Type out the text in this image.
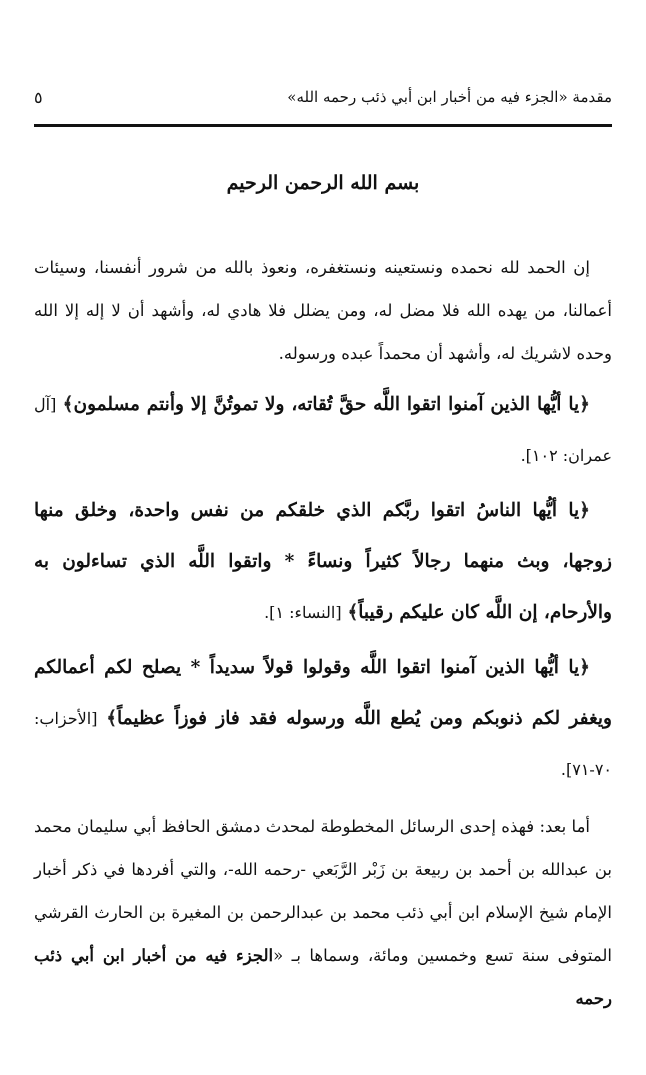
مقدمة «الجزء فيه من أخبار ابن أبي ذئب رحمه الله»
٥
بسم الله الرحمن الرحيم

إن الحمد لله نحمده ونستعينه ونستغفره، ونعوذ بالله من شرور أنفسنا، وسيئات أعمالنا، من يهده الله فلا مضل له، ومن يضلل فلا هادي له، وأشهد أن لا إله إلا الله وحده لاشريك له، وأشهد أن محمداً عبده ورسوله.

﴿يا أيُّها الذين آمنوا اتقوا اللَّه حقَّ تُقاته، ولا تموتُنَّ إلا وأنتم مسلمون﴾ [آل عمران: ١٠٢].

﴿يا أيُّها الناسُ اتقوا ربَّكم الذي خلقكم من نفس واحدة، وخلق منها زوجها، وبث منهما رجالاً كثيراً ونساءً * واتقوا اللَّه الذي تساءلون به والأرحام، إن اللَّه كان عليكم رقيباً﴾ [النساء: ١].

﴿يا أيُّها الذين آمنوا اتقوا اللَّه وقولوا قولاً سديداً * يصلح لكم أعمالكم ويغفر لكم ذنوبكم ومن يُطع اللَّه ورسوله فقد فاز فوزاً عظيماً﴾ [الأحزاب: ٧٠-٧١].

أما بعد: فهذه إحدى الرسائل المخطوطة لمحدث دمشق الحافظ أبي سليمان محمد بن عبدالله بن أحمد بن ربيعة بن زَبْر الرَّبَعي -رحمه الله-، والتي أفردها في ذكر أخبار الإمام شيخ الإسلام ابن أبي ذئب محمد بن عبدالرحمن بن المغيرة بن الحارث القرشي المتوفى سنة تسع وخمسين ومائة، وسماها بـ «الجزء فيه من أخبار ابن أبي ذئب رحمه
